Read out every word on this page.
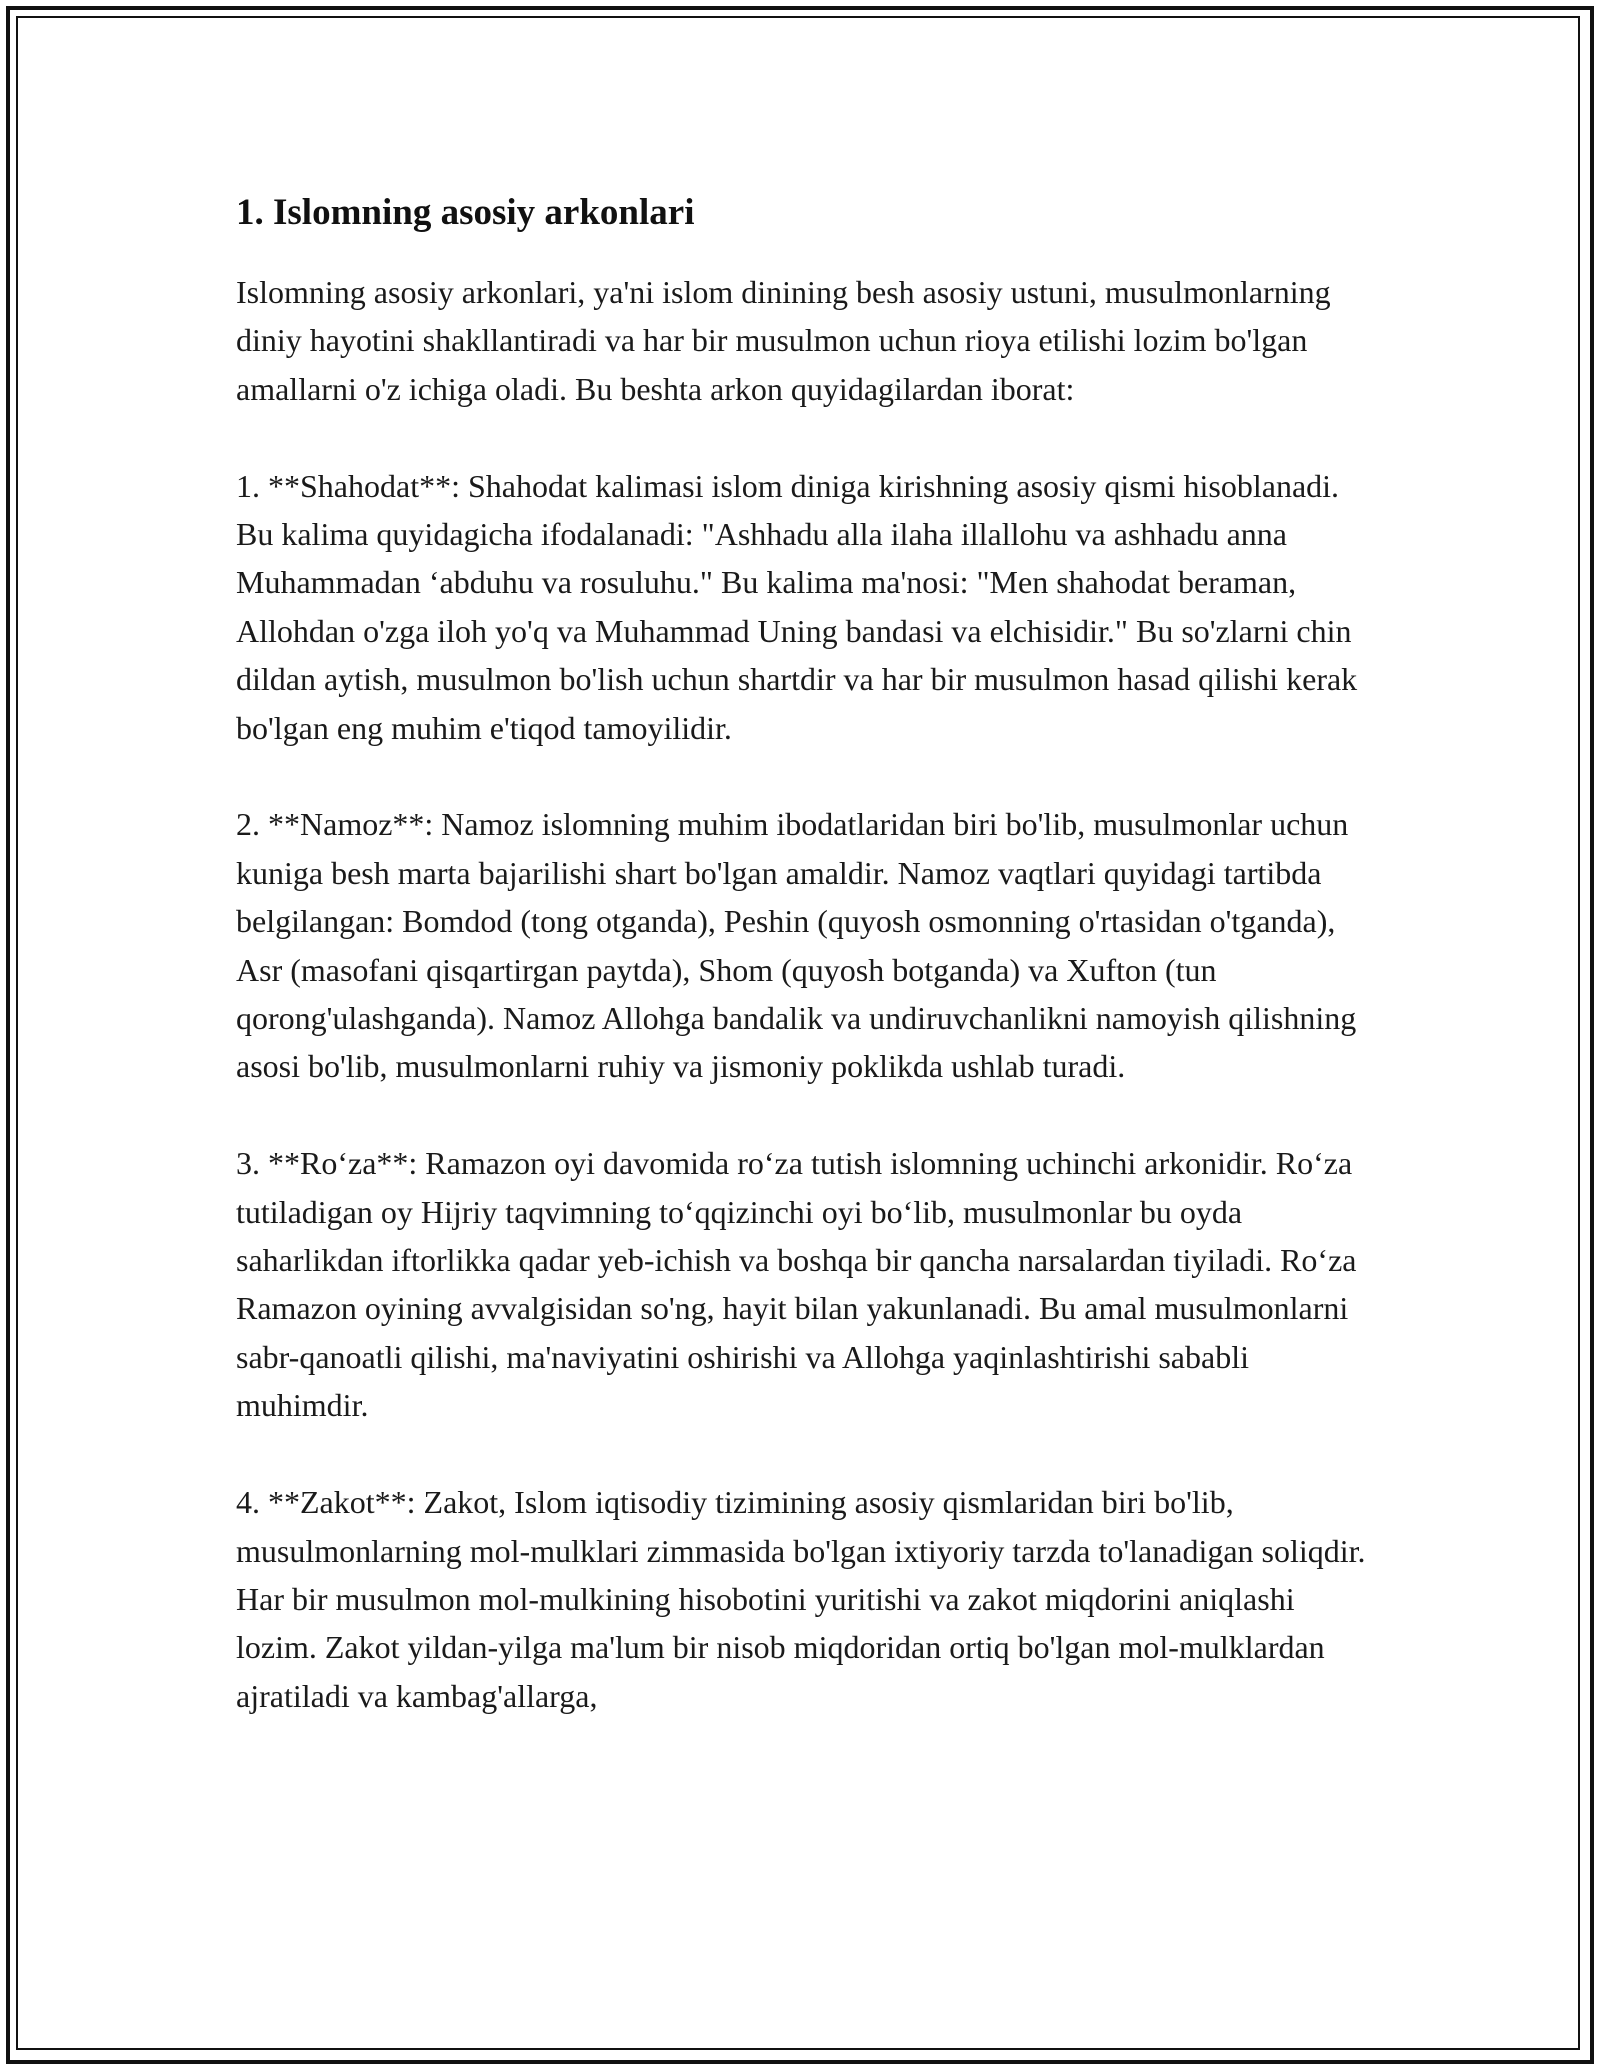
1. Islomning asosiy arkonlari

Islomning asosiy arkonlari, ya'ni islom dinining besh asosiy ustuni, musulmonlarning diniy hayotini shakllantiradi va har bir musulmon uchun rioya etilishi lozim bo'lgan amallarni o'z ichiga oladi. Bu beshta arkon quyidagilardan iborat:

1. **Shahodat**: Shahodat kalimasi islom diniga kirishning asosiy qismi hisoblanadi. Bu kalima quyidagicha ifodalanadi: "Ashhadu alla ilaha illallohu va ashhadu anna Muhammadan ‘abduhu va rosuluhu." Bu kalima ma'nosi: "Men shahodat beraman, Allohdan o'zga iloh yo'q va Muhammad Uning bandasi va elchisidir." Bu so'zlarni chin dildan aytish, musulmon bo'lish uchun shartdir va har bir musulmon hasad qilishi kerak bo'lgan eng muhim e'tiqod tamoyilidir.

2. **Namoz**: Namoz islomning muhim ibodatlaridan biri bo'lib, musulmonlar uchun kuniga besh marta bajarilishi shart bo'lgan amaldir. Namoz vaqtlari quyidagi tartibda belgilangan: Bomdod (tong otganda), Peshin (quyosh osmonning o'rtasidan o'tganda), Asr (masofani qisqartirgan paytda), Shom (quyosh botganda) va Xufton (tun qorong'ulashganda). Namoz Allohga bandalik va undiruvchanlikni namoyish qilishning asosi bo'lib, musulmonlarni ruhiy va jismoniy poklikda ushlab turadi.

3. **Ro‘za**: Ramazon oyi davomida ro‘za tutish islomning uchinchi arkonidir. Ro‘za tutiladigan oy Hijriy taqvimning to‘qqizinchi oyi bo‘lib, musulmonlar bu oyda saharlikdan iftorlikka qadar yeb-ichish va boshqa bir qancha narsalardan tiyiladi. Ro‘za Ramazon oyining avvalgisidan so'ng, hayit bilan yakunlanadi. Bu amal musulmonlarni sabr-qanoatli qilishi, ma'naviyatini oshirishi va Allohga yaqinlashtirishi sababli muhimdir.

4. **Zakot**: Zakot, Islom iqtisodiy tizimining asosiy qismlaridan biri bo'lib, musulmonlarning mol-mulklari zimmasida bo'lgan ixtiyoriy tarzda to'lanadigan soliqdir. Har bir musulmon mol-mulkining hisobotini yuritishi va zakot miqdorini aniqlashi lozim. Zakot yildan-yilga ma'lum bir nisob miqdoridan ortiq bo'lgan mol-mulklardan ajratiladi va kambag'allarga,
